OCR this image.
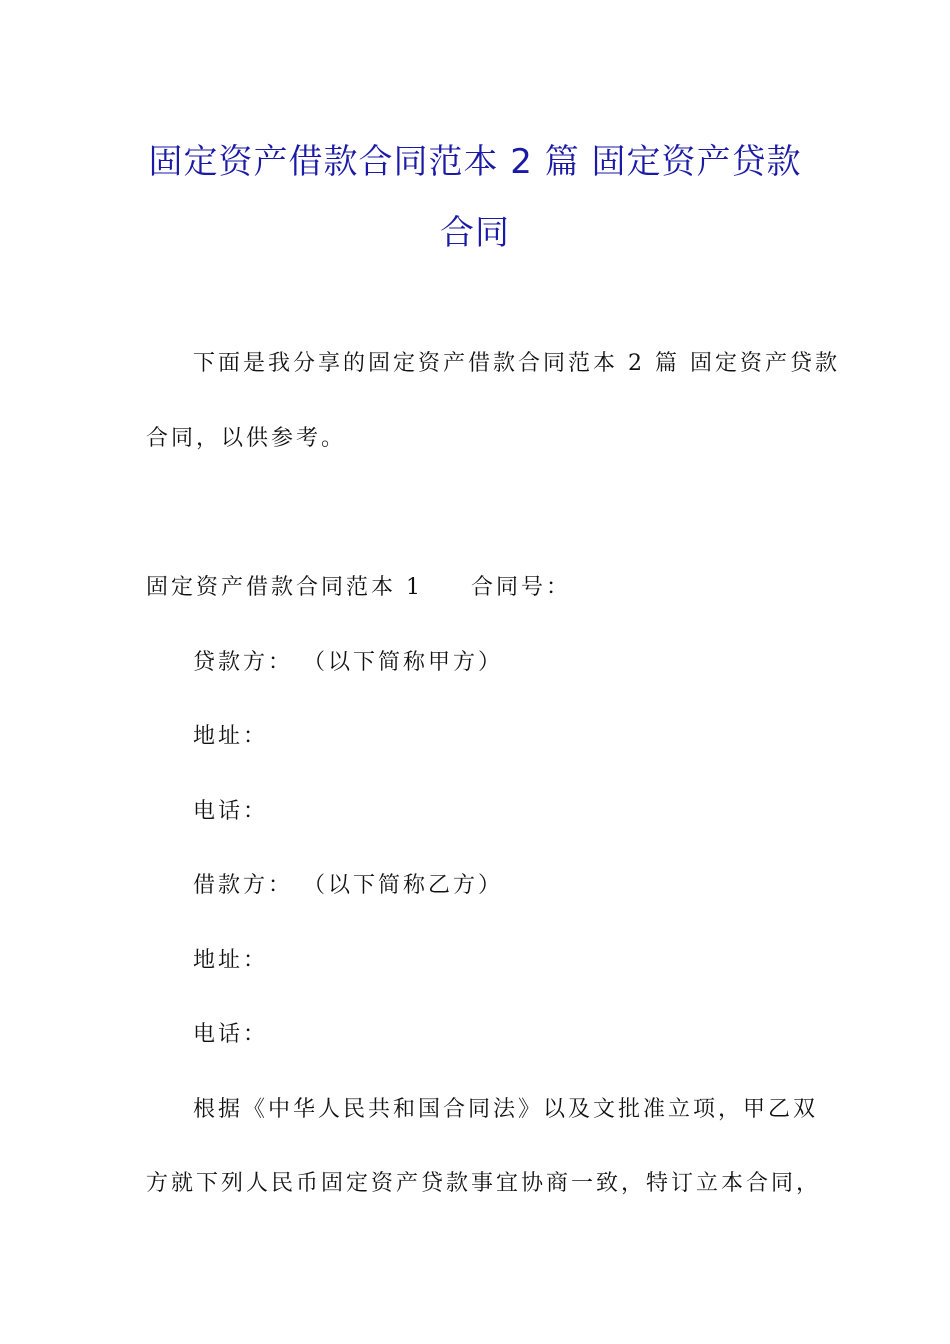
固定资产借款合同范本 2 篇 固定资产贷款
合同
下面是我分享的固定资产借款合同范本 2 篇 固定资产贷款
合同，以供参考。
固定资产借款合同范本 1 合同号：
贷款方： （以下简称甲方）
地址：
电话：
借款方： （以下简称乙方）
地址：
电话：
根据《中华人民共和国合同法》以及文批准立项，甲乙双
方就下列人民币固定资产贷款事宜协商一致，特订立本合同，
